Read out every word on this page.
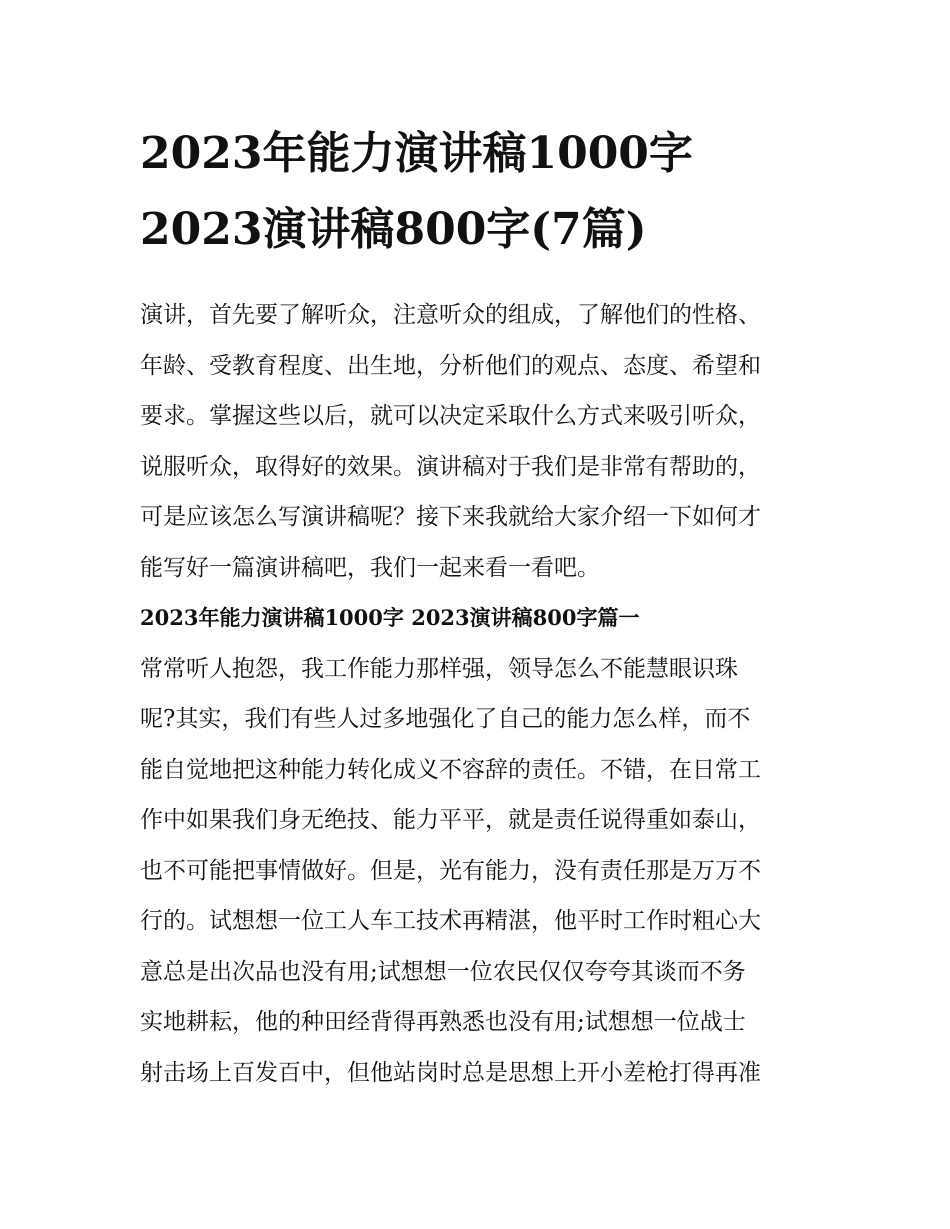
2023年能力演讲稿1000字
2023演讲稿800字(7篇)

演讲，首先要了解听众，注意听众的组成，了解他们的性格、
年龄、受教育程度、出生地，分析他们的观点、态度、希望和
要求。掌握这些以后，就可以决定采取什么方式来吸引听众，
说服听众，取得好的效果。演讲稿对于我们是非常有帮助的，
可是应该怎么写演讲稿呢？接下来我就给大家介绍一下如何才
能写好一篇演讲稿吧，我们一起来看一看吧。

2023年能力演讲稿1000字 2023演讲稿800字篇一

常常听人抱怨，我工作能力那样强，领导怎么不能慧眼识珠
呢?其实，我们有些人过多地强化了自己的能力怎么样，而不
能自觉地把这种能力转化成义不容辞的责任。不错，在日常工
作中如果我们身无绝技、能力平平，就是责任说得重如泰山，
也不可能把事情做好。但是，光有能力，没有责任那是万万不
行的。试想想一位工人车工技术再精湛，他平时工作时粗心大
意总是出次品也没有用;试想想一位农民仅仅夸夸其谈而不务
实地耕耘，他的种田经背得再熟悉也没有用;试想想一位战士
射击场上百发百中，但他站岗时总是思想上开小差枪打得再准
